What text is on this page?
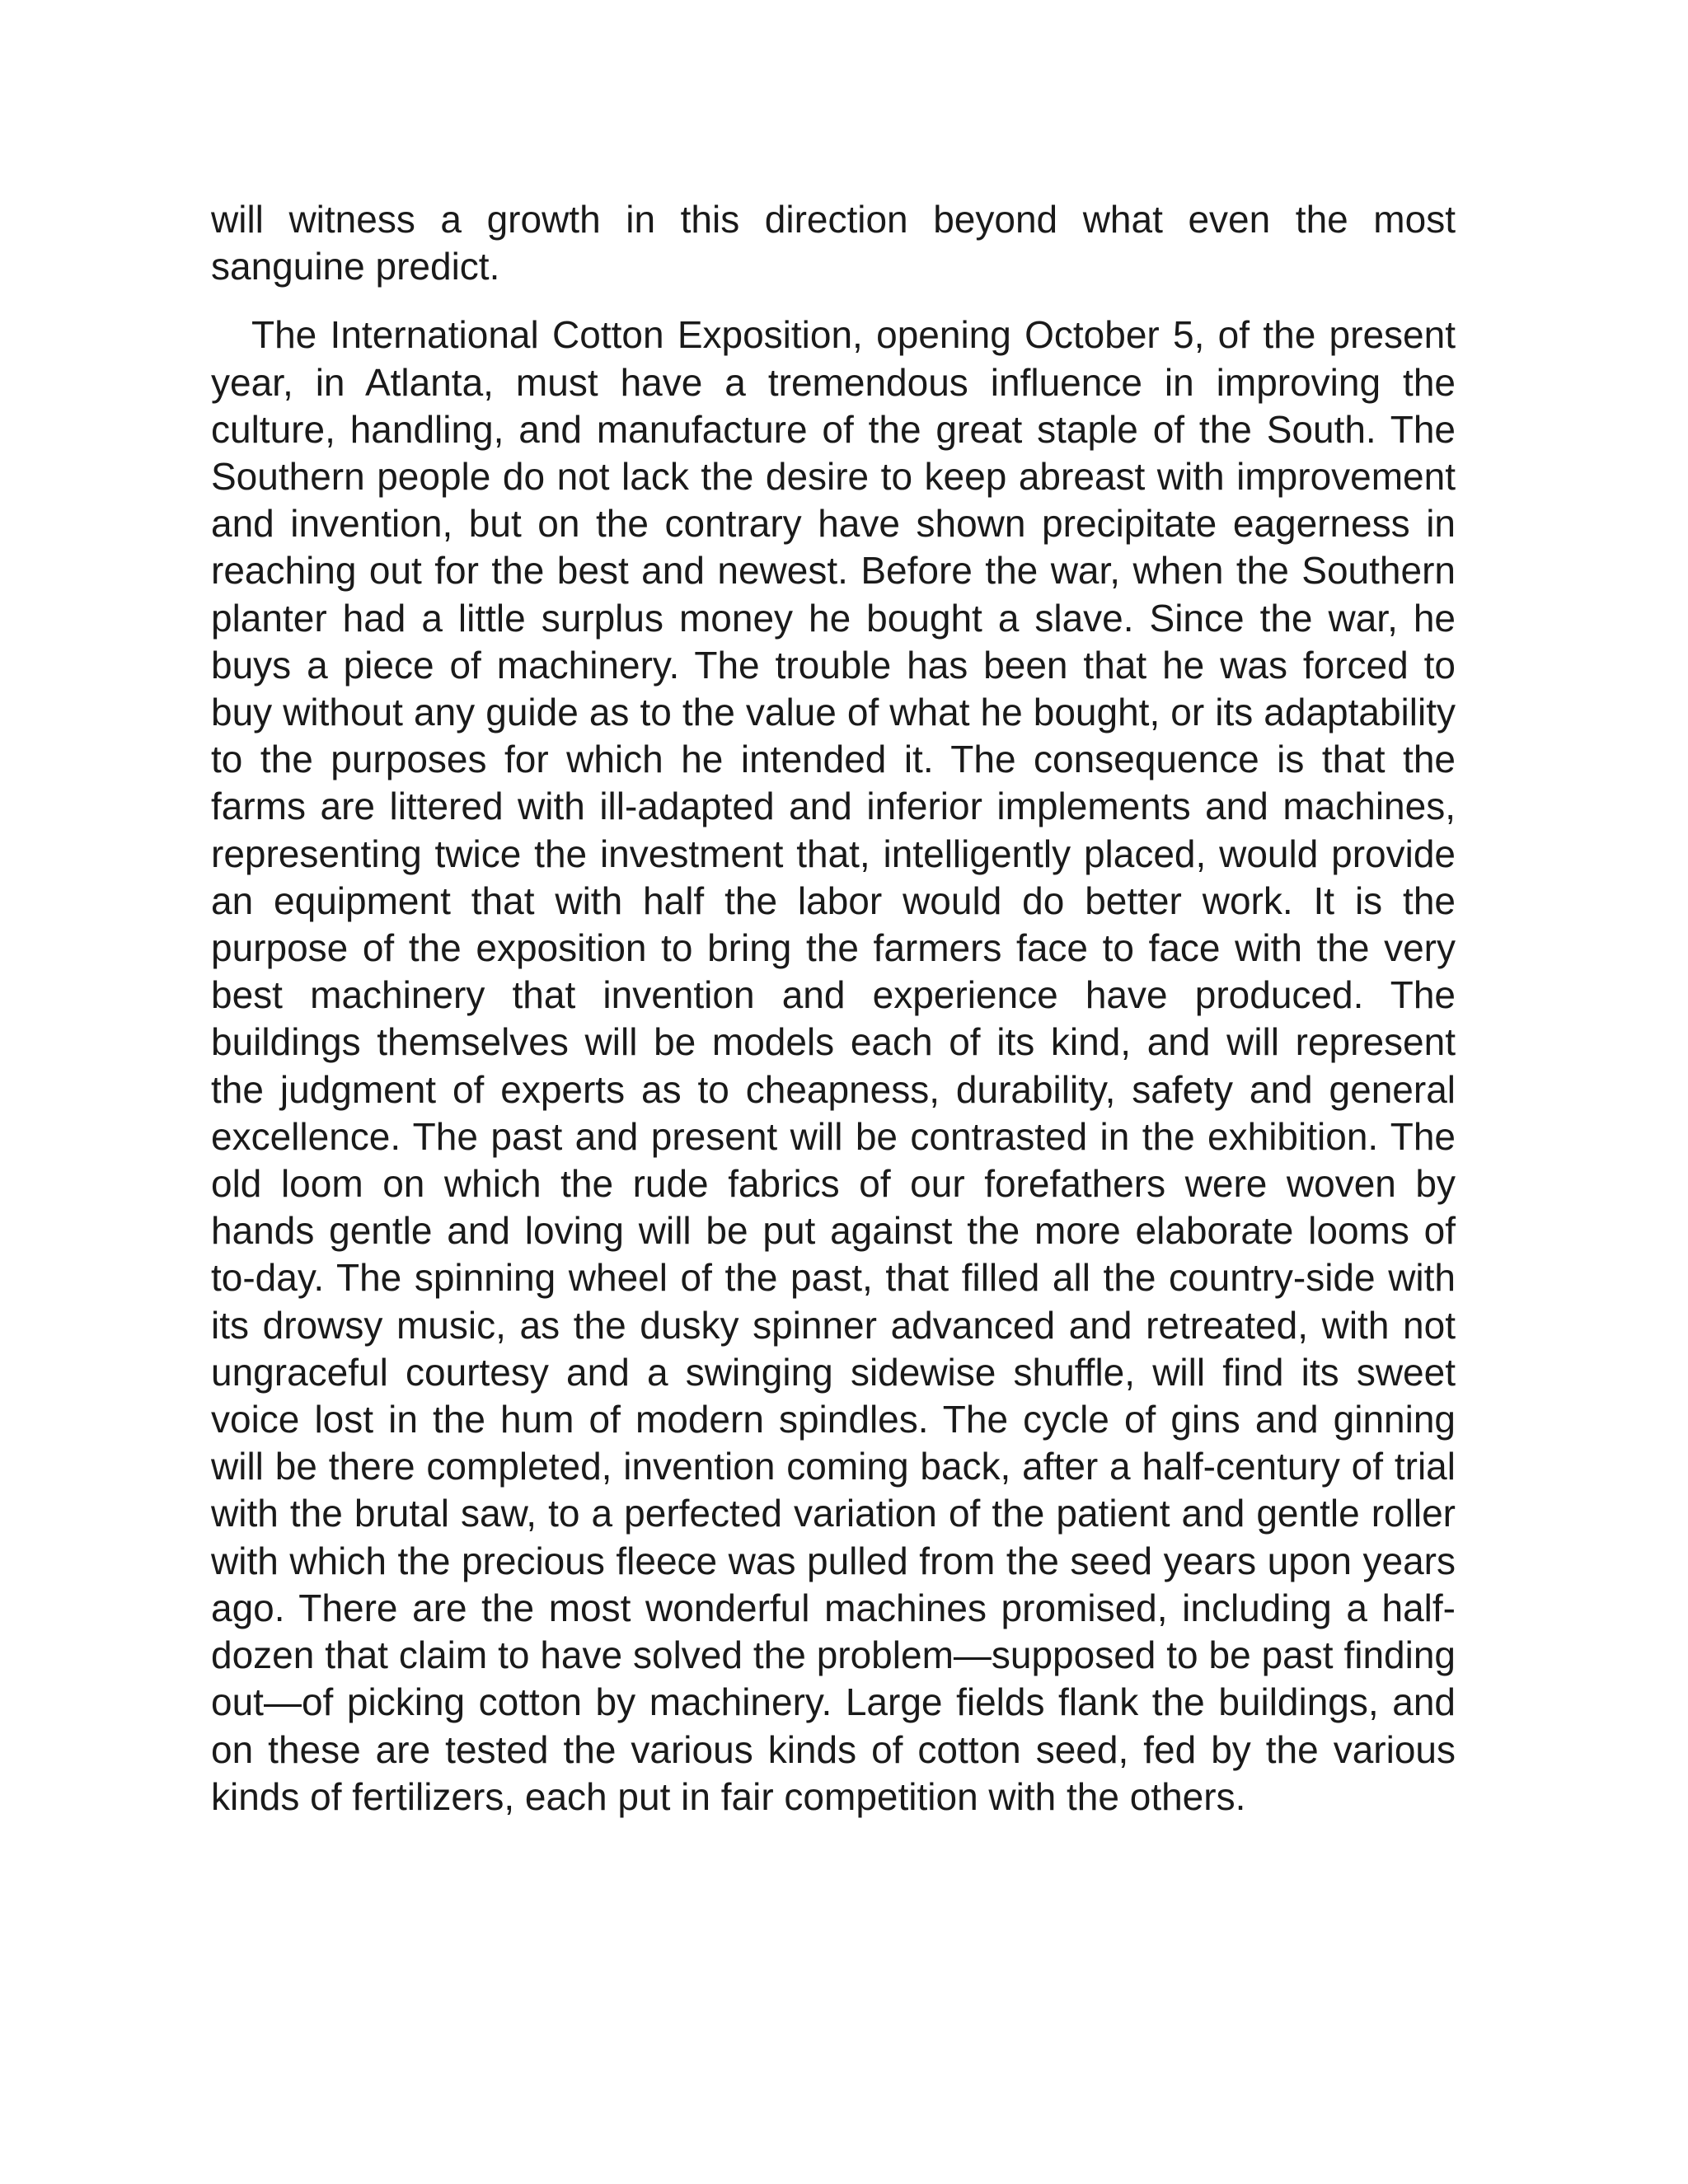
will witness a growth in this direction beyond what even the most sanguine predict.

The International Cotton Exposition, opening October 5, of the present year, in Atlanta, must have a tremendous influence in improving the culture, handling, and manufacture of the great staple of the South. The Southern people do not lack the desire to keep abreast with improvement and invention, but on the contrary have shown precipitate eagerness in reaching out for the best and newest. Before the war, when the Southern planter had a little surplus money he bought a slave. Since the war, he buys a piece of machinery. The trouble has been that he was forced to buy without any guide as to the value of what he bought, or its adaptability to the purposes for which he intended it. The consequence is that the farms are littered with ill-adapted and inferior implements and machines, representing twice the investment that, intelligently placed, would provide an equipment that with half the labor would do better work. It is the purpose of the exposition to bring the farmers face to face with the very best machinery that invention and experience have produced. The buildings themselves will be models each of its kind, and will represent the judgment of experts as to cheapness, durability, safety and general excellence. The past and present will be contrasted in the exhibition. The old loom on which the rude fabrics of our forefathers were woven by hands gentle and loving will be put against the more elaborate looms of to-day. The spinning wheel of the past, that filled all the country-side with its drowsy music, as the dusky spinner advanced and retreated, with not ungraceful courtesy and a swinging sidewise shuffle, will find its sweet voice lost in the hum of modern spindles. The cycle of gins and ginning will be there completed, invention coming back, after a half-century of trial with the brutal saw, to a perfected variation of the patient and gentle roller with which the precious fleece was pulled from the seed years upon years ago. There are the most wonderful machines promised, including a half-dozen that claim to have solved the problem—supposed to be past finding out—of picking cotton by machinery. Large fields flank the buildings, and on these are tested the various kinds of cotton seed, fed by the various kinds of fertilizers, each put in fair competition with the others.
